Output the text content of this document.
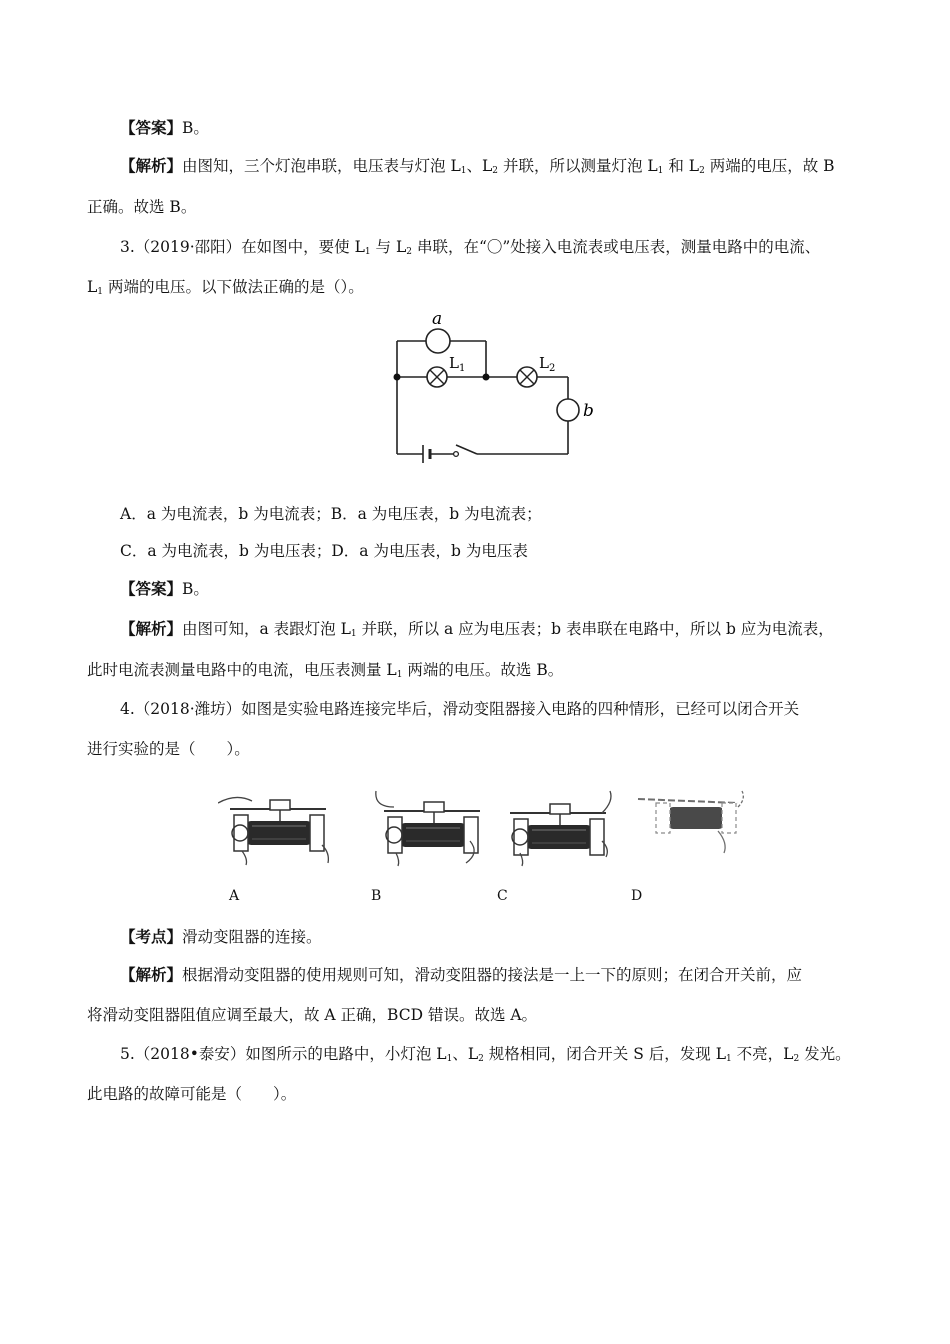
【答案】B。
【解析】由图知，三个灯泡串联，电压表与灯泡 $L_1$、$L_2$ 并联，所以测量灯泡 $L_1$ 和 $L_2$ 两端的电压，故 B
正确。故选 B。
3.（2019·邵阳）在如图中，要使 $L_1$ 与 $L_2$ 串联，在“〇”处接入电流表或电压表，测量电路中的电流、
$L_1$ 两端的电压。以下做法正确的是（）。
a
$L_1$	$L_2$
b
A．a 为电流表，b 为电流表；B．a 为电压表，b 为电流表；
C．a 为电流表，b 为电压表；D．a 为电压表，b 为电压表
【答案】B。
【解析】由图可知，a 表跟灯泡 $L_1$ 并联，所以 a 应为电压表；b 表串联在电路中，所以 b 应为电流表，
此时电流表测量电路中的电流，电压表测量 $L_1$ 两端的电压。故选 B。
4.（2018·潍坊）如图是实验电路连接完毕后，滑动变阻器接入电路的四种情形，已经可以闭合开关
进行实验的是（　　）。
A	B	C	D
【考点】滑动变阻器的连接。
【解析】根据滑动变阻器的使用规则可知，滑动变阻器的接法是一上一下的原则；在闭合开关前，应
将滑动变阻器阻值应调至最大，故 A 正确，BCD 错误。故选 A。
5.（2018•泰安）如图所示的电路中，小灯泡 $L_1$、$L_2$ 规格相同，闭合开关 S 后，发现 $L_1$ 不亮，$L_2$ 发光。
此电路的故障可能是（　　）。
